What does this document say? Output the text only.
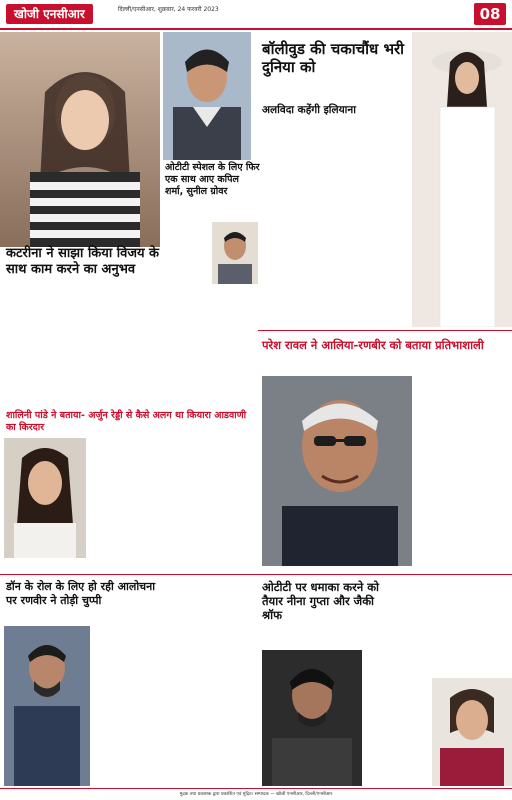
खोजी एनसीआर	दिल्ली/एनसीआर, शुक्रवार, 24 फरवरी 2023	08
ओटीटी स्पेशल के लिए फिर एक साथ आए कपिल शर्मा, सुनील ग्रोवर
बॉलीवुड की चकाचौंध भरी दुनिया को
अलविदा कहेंगी इलियाना
कटरीना ने साझा किया विजय के साथ काम करने का अनुभव
परेश रावल ने आलिया-रणबीर को बताया प्रतिभाशाली
शालिनी पांडे ने बताया- अर्जुन रेड्डी से कैसे अलग था कियारा आडवाणी का किरदार
डॉन के रोल के लिए हो रही आलोचना पर रणवीर ने तोड़ी चुप्पी
ओटीटी पर धमाका करने को तैयार नीना गुप्ता और जैकी श्रॉफ
मुद्रक तथा प्रकाशक द्वारा प्रकाशित एवं मुद्रित। सम्पादक — खोजी एनसीआर, दिल्ली/एनसीआर
